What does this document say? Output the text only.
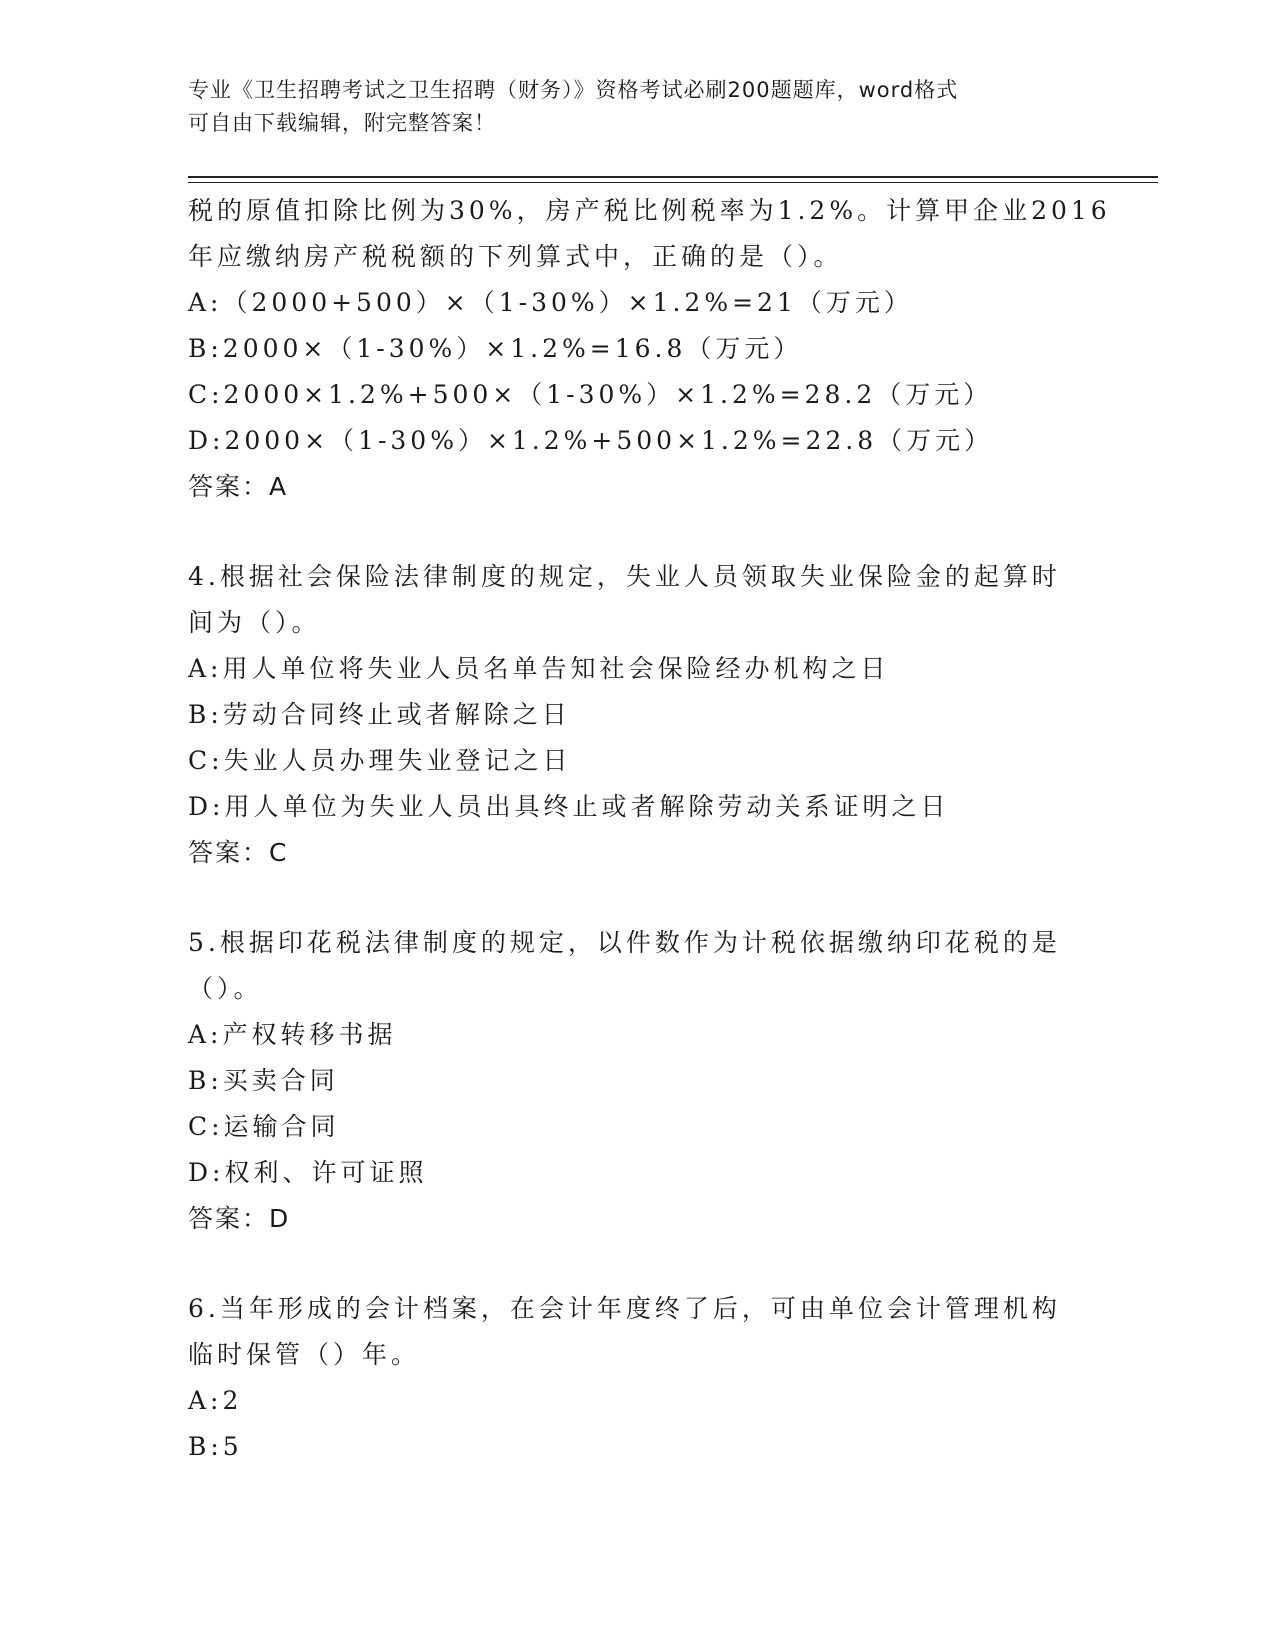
专业《卫生招聘考试之卫生招聘（财务）》资格考试必刷200题题库，word格式
可自由下载编辑，附完整答案！
税的原值扣除比例为30%，房产税比例税率为1.2%。计算甲企业2016
年应缴纳房产税税额的下列算式中，正确的是（）。
A:（2000+500）×（1-30%）×1.2%=21（万元）
B:2000×（1-30%）×1.2%=16.8（万元）
C:2000×1.2%+500×（1-30%）×1.2%=28.2（万元）
D:2000×（1-30%）×1.2%+500×1.2%=22.8（万元）
答案：A
4.根据社会保险法律制度的规定，失业人员领取失业保险金的起算时
间为（）。
A:用人单位将失业人员名单告知社会保险经办机构之日
B:劳动合同终止或者解除之日
C:失业人员办理失业登记之日
D:用人单位为失业人员出具终止或者解除劳动关系证明之日
答案：C
5.根据印花税法律制度的规定，以件数作为计税依据缴纳印花税的是
（）。
A:产权转移书据
B:买卖合同
C:运输合同
D:权利、许可证照
答案：D
6.当年形成的会计档案，在会计年度终了后，可由单位会计管理机构
临时保管（）年。
A:2
B:5
